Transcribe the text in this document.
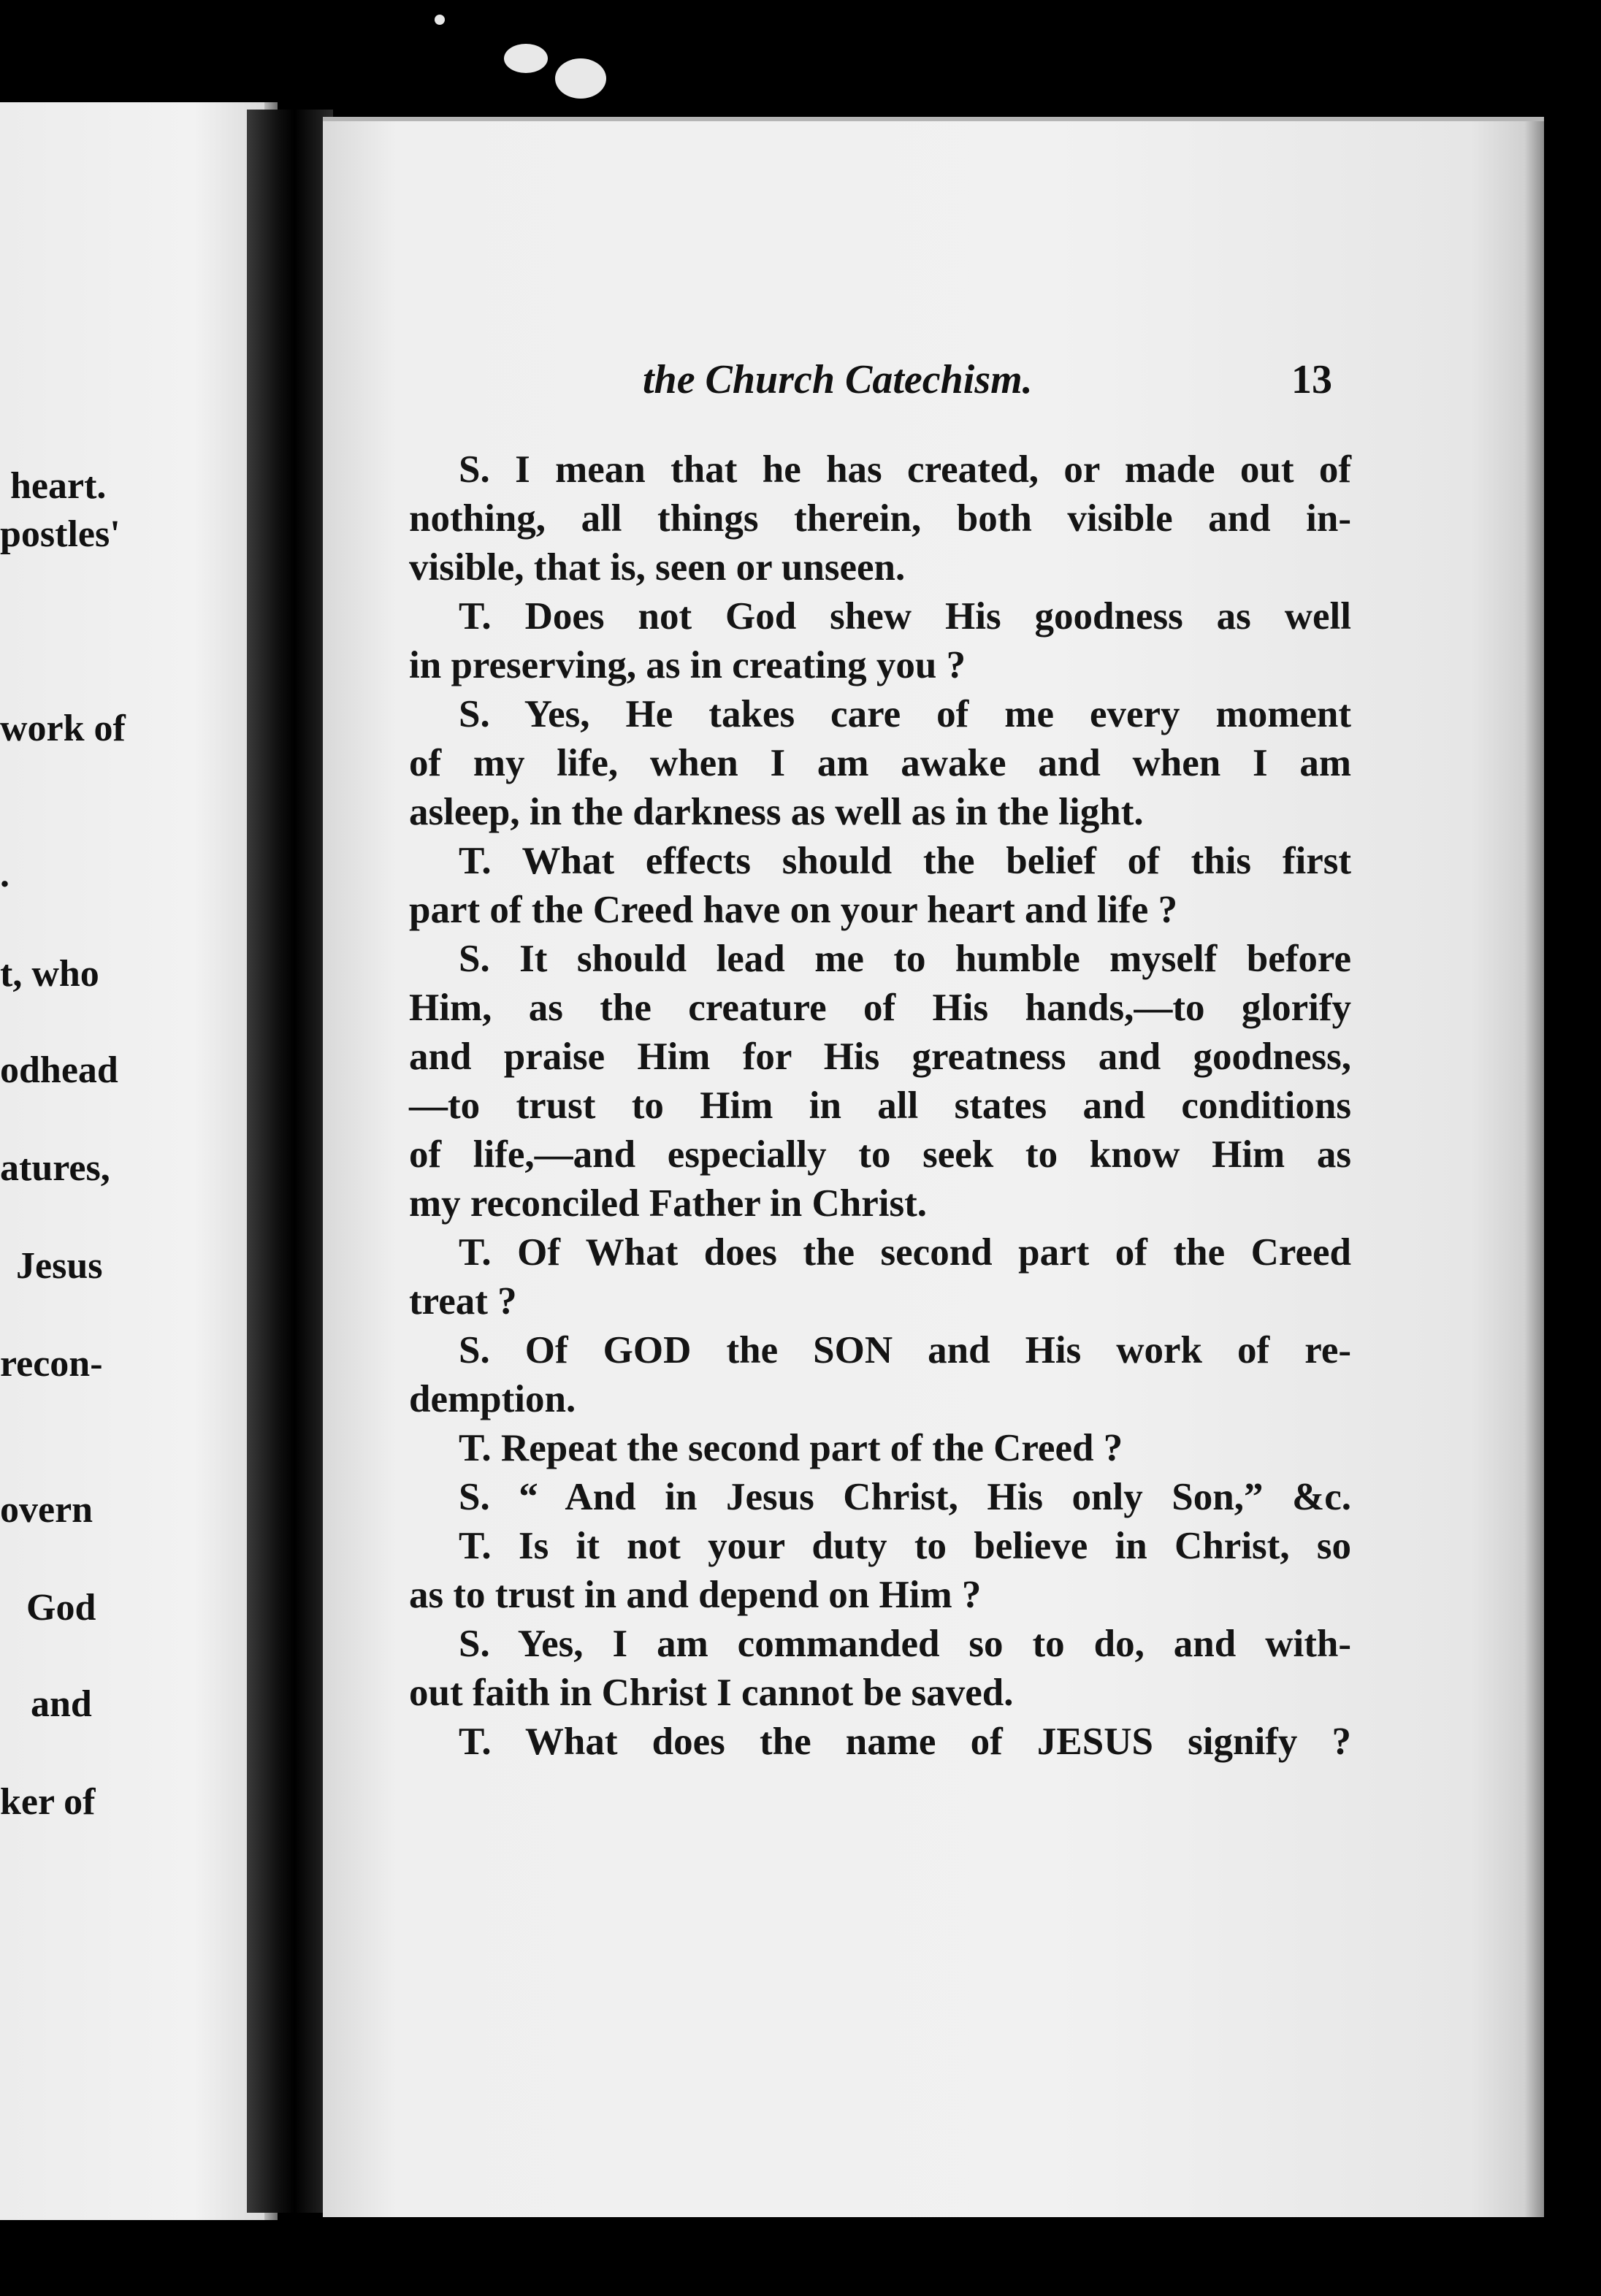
heart.
postles'
work of
.
t, who
odhead
atures,
Jesus
recon-
overn
God
and
ker of
the Church Catechism.	13
S. I mean that he has created, or made out of
nothing, all things therein, both visible and in-
visible, that is, seen or unseen.
T. Does not God shew His goodness as well
in preserving, as in creating you ?
S. Yes, He takes care of me every moment
of my life, when I am awake and when I am
asleep, in the darkness as well as in the light.
T. What effects should the belief of this first
part of the Creed have on your heart and life ?
S. It should lead me to humble myself before
Him, as the creature of His hands,—to glorify
and praise Him for His greatness and goodness,
—to trust to Him in all states and conditions
of life,—and especially to seek to know Him as
my reconciled Father in Christ.
T. Of What does the second part of the Creed
treat ?
S. Of GOD the SON and His work of re-
demption.
T. Repeat the second part of the Creed ?
S. “ And in Jesus Christ, His only Son,” &c.
T. Is it not your duty to believe in Christ, so
as to trust in and depend on Him ?
S. Yes, I am commanded so to do, and with-
out faith in Christ I cannot be saved.
T. What does the name of JESUS signify ?
